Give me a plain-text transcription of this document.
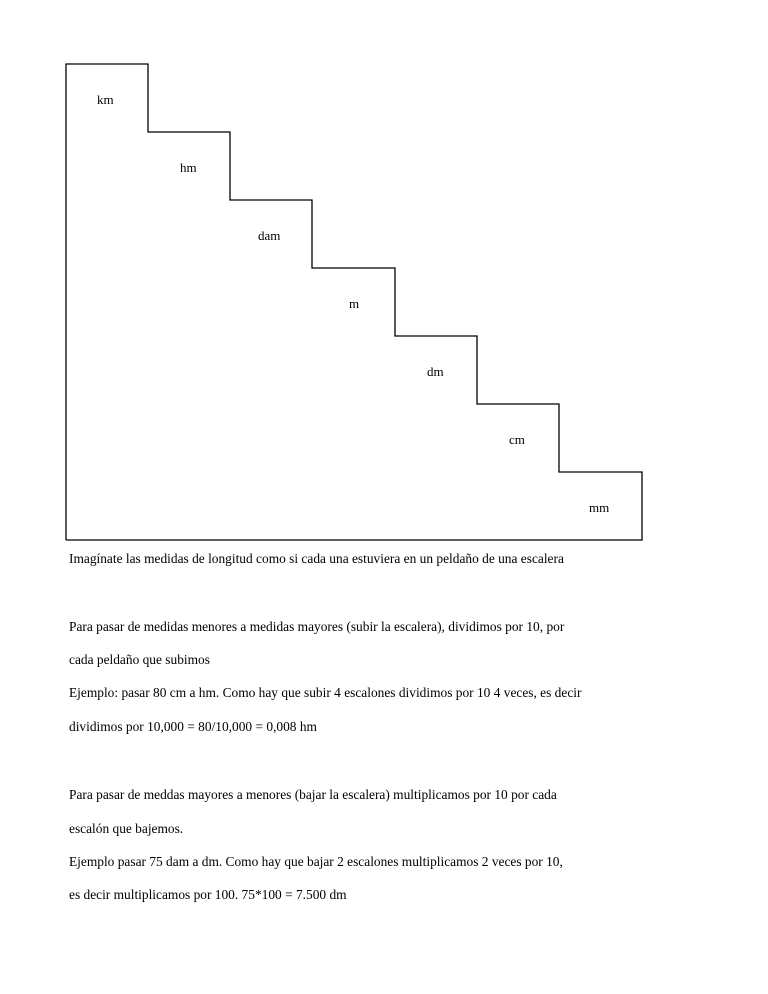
km
hm
dam
m
dm
cm
mm
Imagínate las medidas de longitud como si cada una estuviera en un peldaño de una escalera
Para pasar de medidas menores a medidas mayores (subir la escalera), dividimos por 10, por
cada peldaño que subimos
Ejemplo: pasar 80 cm a hm. Como hay que subir 4 escalones dividimos por 10 4 veces, es decir
dividimos por 10,000 = 80/10,000 = 0,008 hm
Para pasar de meddas mayores a menores (bajar la escalera) multiplicamos por 10 por cada
escalón que bajemos.
Ejemplo pasar 75 dam a dm. Como hay que bajar 2 escalones multiplicamos 2 veces por 10,
es decir multiplicamos por 100. 75*100 = 7.500 dm
